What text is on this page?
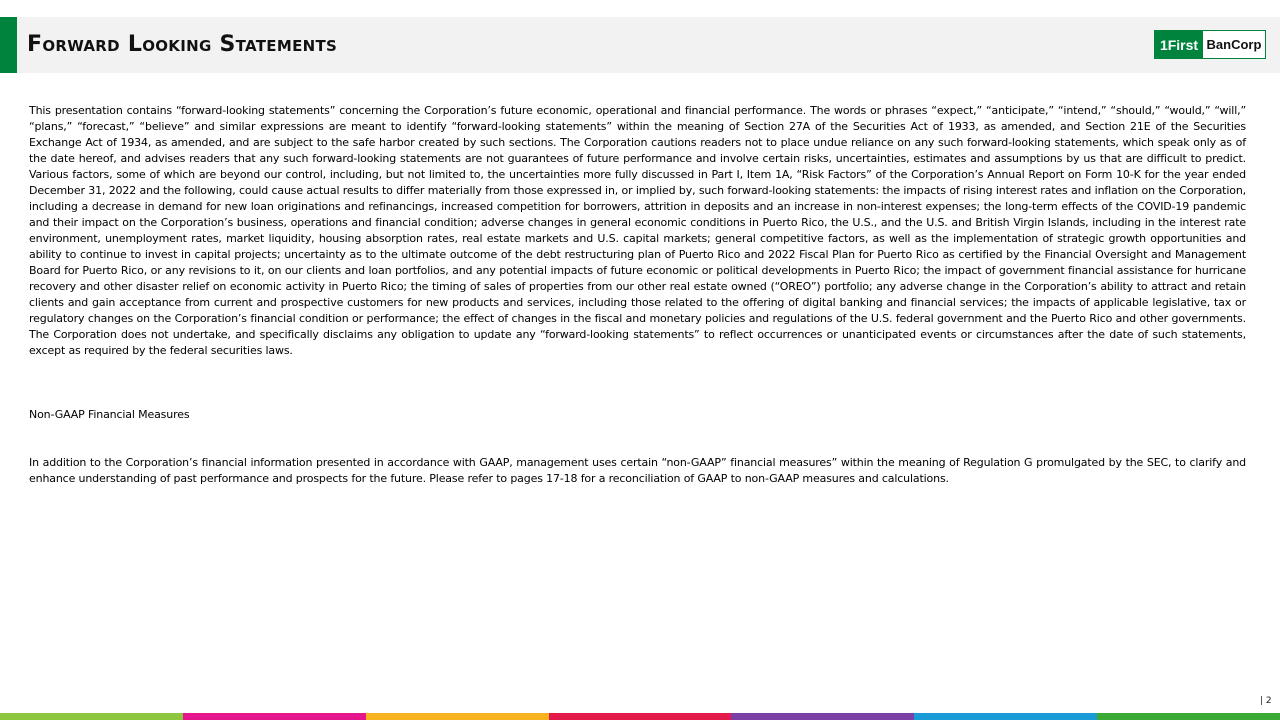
Forward Looking Statements	1First BanCorp

This presentation contains “forward-looking statements” concerning the Corporation’s future economic, operational and financial performance. The words or phrases “expect,” “anticipate,” “intend,” “should,” “would,” “will,” “plans,” “forecast,” “believe” and similar expressions are meant to identify “forward-looking statements” within the meaning of Section 27A of the Securities Act of 1933, as amended, and Section 21E of the Securities Exchange Act of 1934, as amended, and are subject to the safe harbor created by such sections. The Corporation cautions readers not to place undue reliance on any such forward-looking statements, which speak only as of the date hereof, and advises readers that any such forward-looking statements are not guarantees of future performance and involve certain risks, uncertainties, estimates and assumptions by us that are difficult to predict. Various factors, some of which are beyond our control, including, but not limited to, the uncertainties more fully discussed in Part I, Item 1A, “Risk Factors” of the Corporation’s Annual Report on Form 10-K for the year ended December 31, 2022 and the following, could cause actual results to differ materially from those expressed in, or implied by, such forward-looking statements: the impacts of rising interest rates and inflation on the Corporation, including a decrease in demand for new loan originations and refinancings, increased competition for borrowers, attrition in deposits and an increase in non-interest expenses; the long-term effects of the COVID-19 pandemic and their impact on the Corporation’s business, operations and financial condition; adverse changes in general economic conditions in Puerto Rico, the U.S., and the U.S. and British Virgin Islands, including in the interest rate environment, unemployment rates, market liquidity, housing absorption rates, real estate markets and U.S. capital markets; general competitive factors, as well as the implementation of strategic growth opportunities and ability to continue to invest in capital projects; uncertainty as to the ultimate outcome of the debt restructuring plan of Puerto Rico and 2022 Fiscal Plan for Puerto Rico as certified by the Financial Oversight and Management Board for Puerto Rico, or any revisions to it, on our clients and loan portfolios, and any potential impacts of future economic or political developments in Puerto Rico; the impact of government financial assistance for hurricane recovery and other disaster relief on economic activity in Puerto Rico; the timing of sales of properties from our other real estate owned (“OREO”) portfolio; any adverse change in the Corporation’s ability to attract and retain clients and gain acceptance from current and prospective customers for new products and services, including those related to the offering of digital banking and financial services; the impacts of applicable legislative, tax or regulatory changes on the Corporation’s financial condition or performance; the effect of changes in the fiscal and monetary policies and regulations of the U.S. federal government and the Puerto Rico and other governments. The Corporation does not undertake, and specifically disclaims any obligation to update any “forward-looking statements” to reflect occurrences or unanticipated events or circumstances after the date of such statements, except as required by the federal securities laws.

Non-GAAP Financial Measures

In addition to the Corporation’s financial information presented in accordance with GAAP, management uses certain “non-GAAP” financial measures” within the meaning of Regulation G promulgated by the SEC, to clarify and enhance understanding of past performance and prospects for the future. Please refer to pages 17-18 for a reconciliation of GAAP to non-GAAP measures and calculations.

| 2
